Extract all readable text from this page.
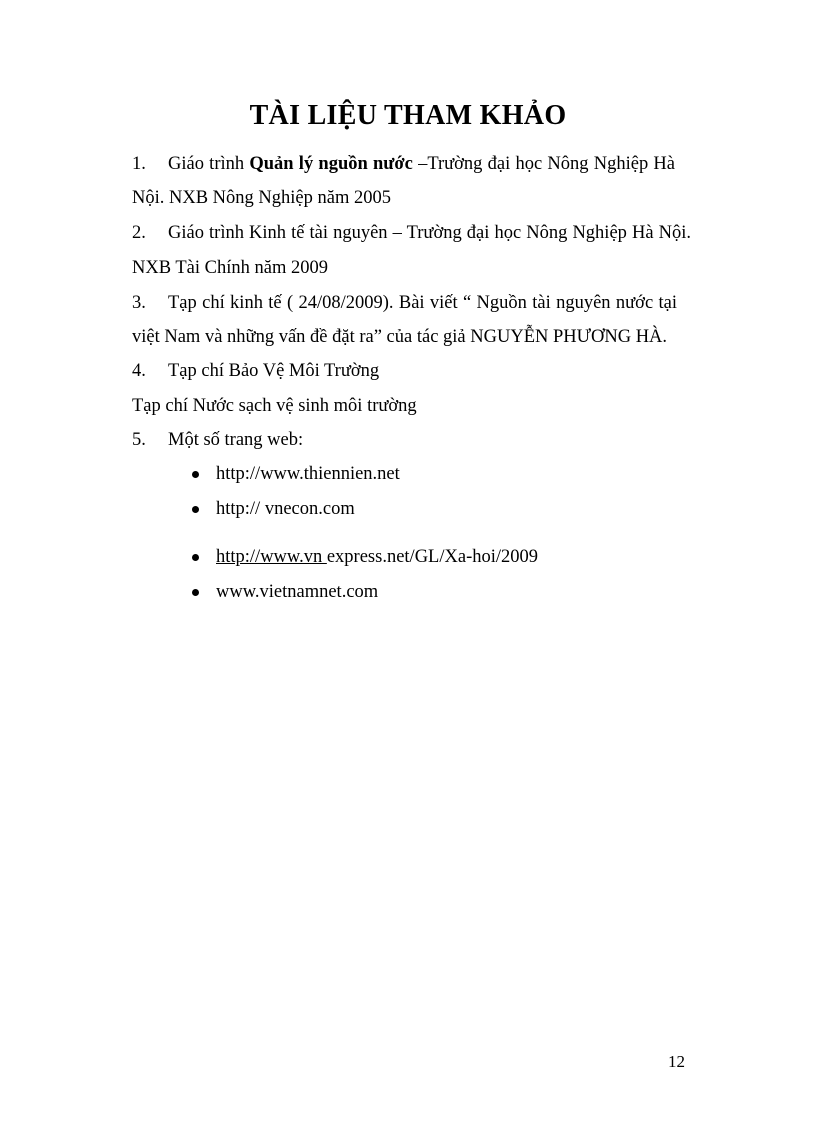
TÀI LIỆU THAM KHẢO
1. Giáo trình Quản lý nguồn nước –Trường đại học Nông Nghiệp Hà
Nội. NXB Nông Nghiệp năm 2005
2. Giáo trình Kinh tế tài nguyên – Trường đại học Nông Nghiệp Hà Nội.
NXB Tài Chính năm 2009
3. Tạp chí kinh tế ( 24/08/2009). Bài viết “ Nguồn tài nguyên nước tại
việt Nam và những vấn đề đặt ra” của tác giả NGUYỄN PHƯƠNG HÀ.
4. Tạp chí Bảo Vệ Môi Trường
Tạp chí Nước sạch vệ sinh môi trường
5. Một số trang web:
http://www.thiennien.net
http:// vnecon.com
http://www.vn express.net/GL/Xa-hoi/2009
www.vietnamnet.com
12
